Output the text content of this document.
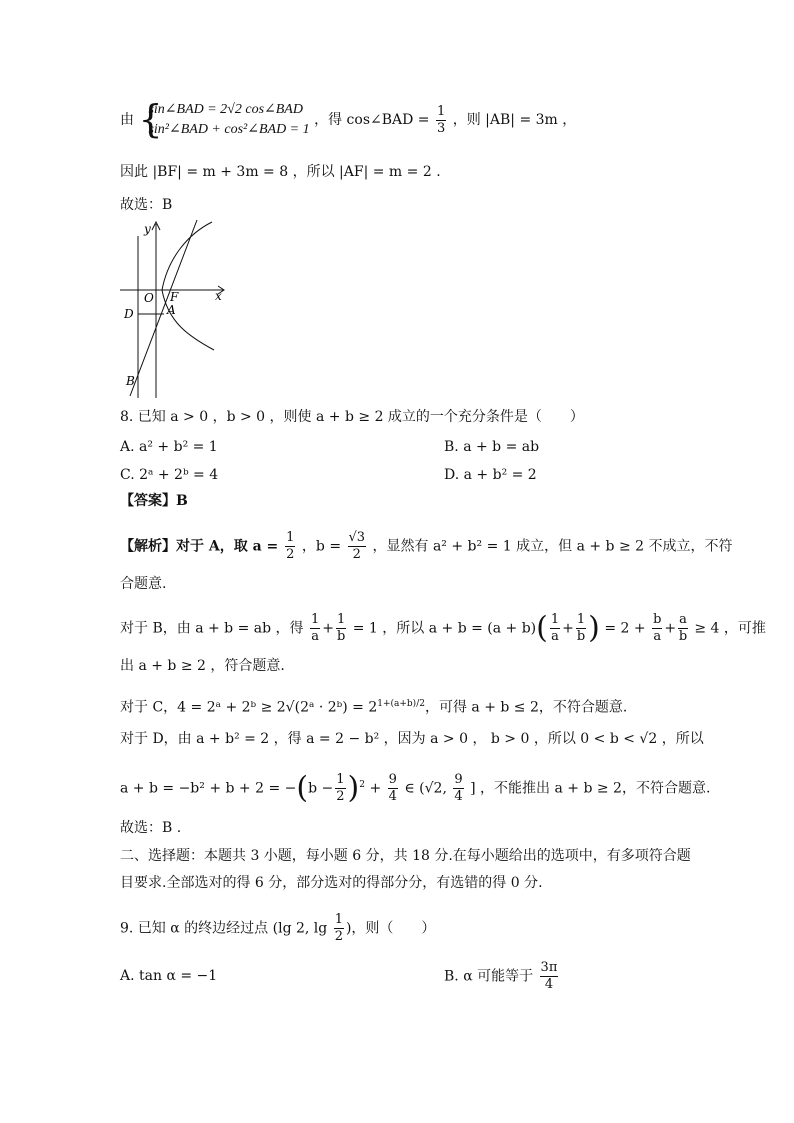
由 {
sin∠BAD = 2√2 cos∠BAD
sin²∠BAD + cos²∠BAD = 1
，得 cos∠BAD = $\frac{1}{3}$ ，则 |AB| = 3m ，
因此 |BF| = m + 3m = 8 ，所以 |AF| = m = 2 .
故选：B
y
x
O F
A
D
B
8. 已知 a > 0 ，b > 0 ，则使 a + b ≥ 2 成立的一个充分条件是（　　）
A. a² + b² = 1	B. a + b = ab
C. 2ᵃ + 2ᵇ = 4	D. a + b² = 2
【答案】B
【解析】对于 A，取 $a = \frac{1}{2}$ ，$b = \frac{√3}{2}$ ，显然有 a² + b² = 1 成立，但 a + b ≥ 2 不成立，不符
合题意.
对于 B，由 a + b = ab ，得 $\frac{1}{a} + \frac{1}{b} = 1$ ，所以 $a + b = (a + b)( \frac{1}{a} + \frac{1}{b}$ ) = $2 + \frac{b}{a} + \frac{a}{b} \ge 4$ ，可推
出 a + b ≥ 2 ，符合题意.
对于 C，4 = 2ᵃ + 2ᵇ ≥ 2√(2ᵃ · 2ᵇ) = $2^{1+(a+b)/2}$，可得 a + b ≤ 2，不符合题意.
对于 D，由 a + b² = 2 ，得 a = 2 − b² ，因为 a > 0 ， b > 0 ，所以 0 < b < √2 ，所以
$a + b = -b^2 + b + 2 = -(b - \frac{1}{2} )^2 + \frac{9}{4}$ ∈ (√2, $\frac{9}{4}$ ] ，不能推出 a + b ≥ 2，不符合题意.
故选：B .
二、选择题：本题共 3 小题，每小题 6 分，共 18 分.在每小题给出的选项中，有多项符合题
目要求.全部选对的得 6 分，部分选对的得部分分，有选错的得 0 分.
9. 已知 α 的终边经过点 (lg 2, $\lg \frac{1}{2}$ )，则（　　）
A. tan α = −1	B. α 可能等于 $\frac{3\pi}{4}$
